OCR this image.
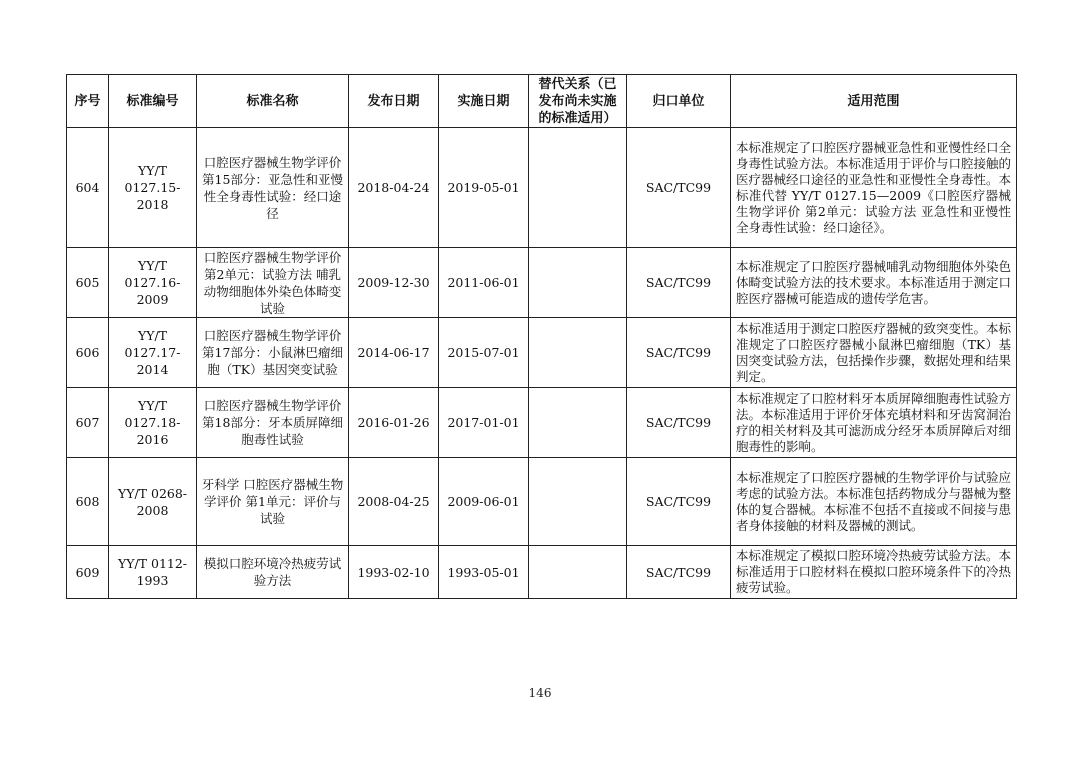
序号	标准编号	标准名称	发布日期	实施日期	替代关系（已发布尚未实施的标准适用）	归口单位	适用范围
604	YY/T 0127.15-2018	口腔医疗器械生物学评价 第15部分：亚急性和亚慢性全身毒性试验：经口途径	2018-04-24	2019-05-01		SAC/TC99	本标准规定了口腔医疗器械亚急性和亚慢性经口全身毒性试验方法。本标准适用于评价与口腔接触的医疗器械经口途径的亚急性和亚慢性全身毒性。本标准代替 YY/T 0127.15—2009《口腔医疗器械生物学评价 第2单元：试验方法 亚急性和亚慢性全身毒性试验：经口途径》。
605	YY/T 0127.16-2009	口腔医疗器械生物学评价 第2单元：试验方法 哺乳动物细胞体外染色体畸变试验	2009-12-30	2011-06-01		SAC/TC99	本标准规定了口腔医疗器械哺乳动物细胞体外染色体畸变试验方法的技术要求。本标准适用于测定口腔医疗器械可能造成的遗传学危害。
606	YY/T 0127.17-2014	口腔医疗器械生物学评价 第17部分：小鼠淋巴瘤细胞（TK）基因突变试验	2014-06-17	2015-07-01		SAC/TC99	本标准适用于测定口腔医疗器械的致突变性。本标准规定了口腔医疗器械小鼠淋巴瘤细胞（TK）基因突变试验方法，包括操作步骤，数据处理和结果判定。
607	YY/T 0127.18-2016	口腔医疗器械生物学评价 第18部分：牙本质屏障细胞毒性试验	2016-01-26	2017-01-01		SAC/TC99	本标准规定了口腔材料牙本质屏障细胞毒性试验方法。本标准适用于评价牙体充填材料和牙齿窝洞治疗的相关材料及其可滤沥成分经牙本质屏障后对细胞毒性的影响。
608	YY/T 0268-2008	牙科学 口腔医疗器械生物学评价 第1单元：评价与试验	2008-04-25	2009-06-01		SAC/TC99	本标准规定了口腔医疗器械的生物学评价与试验应考虑的试验方法。本标准包括药物成分与器械为整体的复合器械。本标准不包括不直接或不间接与患者身体接触的材料及器械的测试。
609	YY/T 0112-1993	模拟口腔环境冷热疲劳试验方法	1993-02-10	1993-05-01		SAC/TC99	本标准规定了模拟口腔环境冷热疲劳试验方法。本标准适用于口腔材料在模拟口腔环境条件下的冷热疲劳试验。
146
